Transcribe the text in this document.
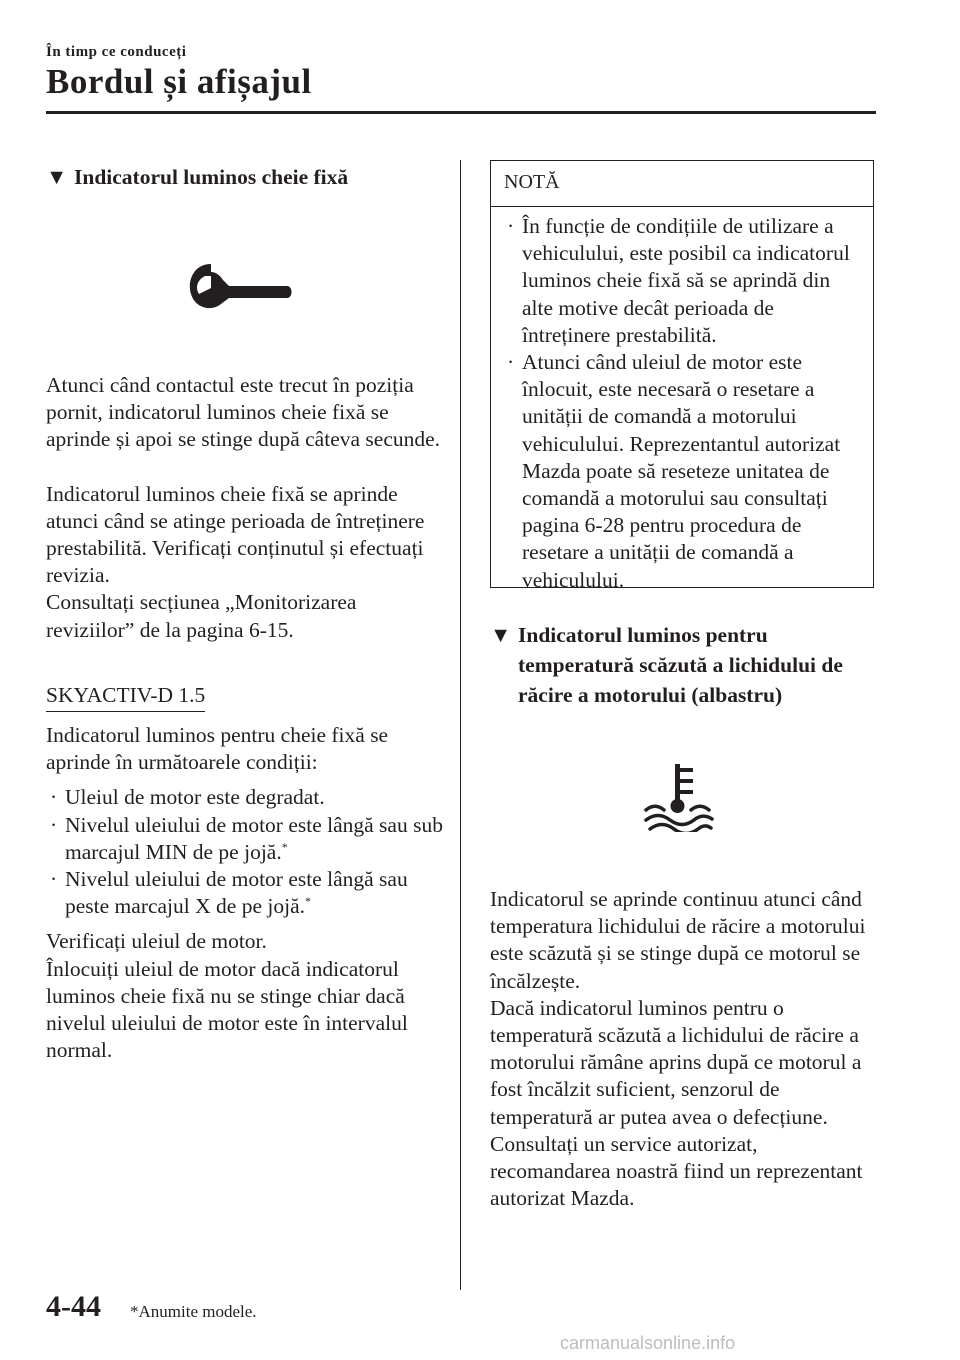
În timp ce conduceți
Bordul și afișajul
▼ Indicatorul luminos cheie fixă

Atunci când contactul este trecut în poziția pornit, indicatorul luminos cheie fixă se aprinde și apoi se stinge după câteva secunde.

Indicatorul luminos cheie fixă se aprinde atunci când se atinge perioada de întreținere prestabilită. Verificați conținutul și efectuați revizia.

Consultați secțiunea „Monitorizarea reviziilor” de la pagina 6-15.

SKYACTIV-D 1.5

Indicatorul luminos pentru cheie fixă se aprinde în următoarele condiții:

· Uleiul de motor este degradat.
· Nivelul uleiului de motor este lângă sau sub marcajul MIN de pe jojă.*
· Nivelul uleiului de motor este lângă sau peste marcajul X de pe jojă.*

Verificați uleiul de motor.

Înlocuiți uleiul de motor dacă indicatorul luminos cheie fixă nu se stinge chiar dacă nivelul uleiului de motor este în intervalul normal.

NOTĂ
· În funcție de condițiile de utilizare a vehiculului, este posibil ca indicatorul luminos cheie fixă să se aprindă din alte motive decât perioada de întreținere prestabilită.
· Atunci când uleiul de motor este înlocuit, este necesară o resetare a unității de comandă a motorului vehiculului. Reprezentantul autorizat Mazda poate să reseteze unitatea de comandă a motorului sau consultați pagina 6-28 pentru procedura de resetare a unității de comandă a vehiculului.
▼ Indicatorul luminos pentru temperatură scăzută a lichidului de răcire a motorului (albastru)

Indicatorul se aprinde continuu atunci când temperatura lichidului de răcire a motorului este scăzută și se stinge după ce motorul se încălzește.

Dacă indicatorul luminos pentru o temperatură scăzută a lichidului de răcire a motorului rămâne aprins după ce motorul a fost încălzit suficient, senzorul de temperatură ar putea avea o defecțiune. Consultați un service autorizat, recomandarea noastră fiind un reprezentant autorizat Mazda.

4-44 *Anumite modele.
carmanualsonline.info
